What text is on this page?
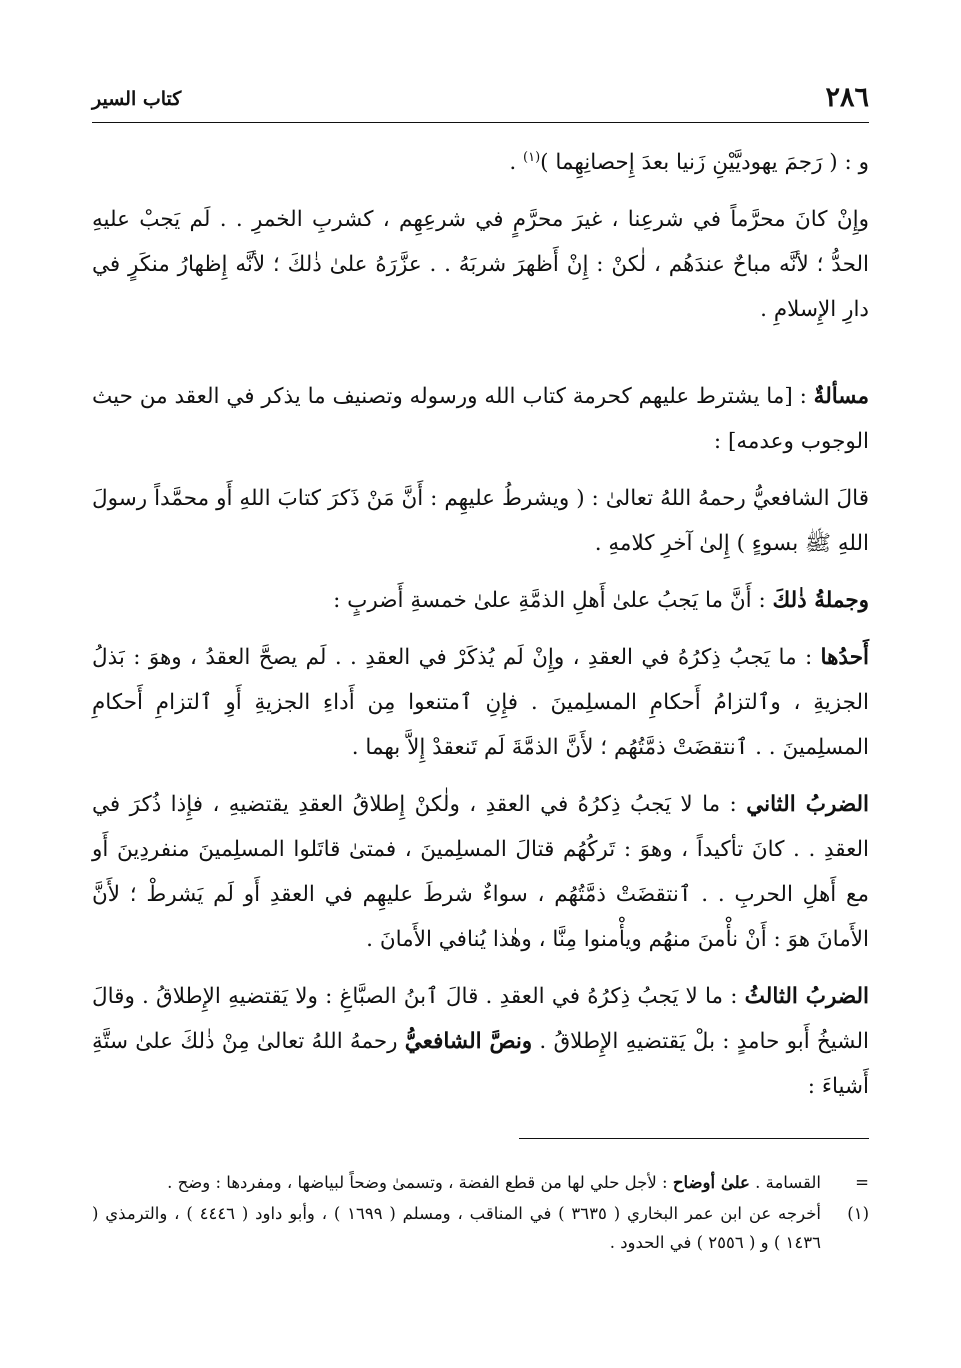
٢٨٦
كتاب السير

و : ( رَجمَ يهوديَّيْنِ زَنيا بعدَ إِحصانِهِما )$^{(١)}$ .

وإِنْ كانَ محرَّماً في شرعِنا ، غيرَ محرَّمٍ في شرعِهِم ، كشربِ الخمرِ . . لَم يَجبْ عليهِ الحدُّ ؛ لأنَّه مباحٌ عندَهُم ، لٰكنْ : إِنْ أَظهرَ شربَهُ . . عزَّرَهُ علىٰ ذٰلكَ ؛ لأنَّه إِظهارُ منكَرٍ في دارِ الإِسلامِ .

مسألةٌ : [ما يشترط عليهم كحرمة كتاب الله ورسوله وتصنيف ما يذكر في العقد من حيث الوجوب وعدمه] :

قالَ الشافعيُّ رحمهُ اللهُ تعالىٰ : ( ويشرطُ عليهِم : أَنَّ مَنْ ذَكرَ كتابَ اللهِ أَو محمَّداً رسولَ اللهِ ﷺ بسوءٍ ) إِلىٰ آخرِ كلامهِ .

وجملةُ ذٰلكَ : أَنَّ ما يَجبُ علىٰ أَهلِ الذمَّةِ علىٰ خمسةِ أَضربٍ :

أَحدُها : ما يَجبُ ذِكرُهُ في العقدِ ، وإِنْ لَم يُذكَرْ في العقدِ . . لَم يصحَّ العقدُ ، وهوَ : بَذلُ الجزيةِ ، وٱلتزامُ أَحكامِ المسلِمينَ . فإِنِ ٱمتنعوا مِن أَداءِ الجزيةِ أَوِ ٱلتزامِ أَحكامِ المسلِمينَ . . ٱنتقضَتْ ذمَّتُهُم ؛ لأَنَّ الذمَّةَ لَم تَنعقدْ إِلاَّ بهما .

الضربُ الثاني : ما لا يَجبُ ذِكرُهُ في العقدِ ، ولٰكنْ إِطلاقُ العقدِ يقتضيهِ ، فإِذا ذُكرَ في العقدِ . . كانَ تأكيداً ، وهوَ : تَركُهُم قتالَ المسلِمينَ ، فمتىٰ قاتَلوا المسلِمينَ منفردِينَ أَو مع أَهلِ الحربِ . . ٱنتقضَتْ ذمَّتُهُم ، سواءٌ شرطَ عليهِم في العقدِ أَو لَم يَشرطْ ؛ لأَنَّ الأَمانَ هوَ : أَنْ نأْمنَ منهُم ويأْمنوا مِنَّا ، وهٰذا يُنافي الأَمانَ .

الضربُ الثالثُ : ما لا يَجبُ ذِكرُهُ في العقدِ . قالَ ٱبنُ الصبَّاغِ : ولا يَقتضيهِ الإِطلاقُ . وقالَ الشيخُ أَبو حامدٍ : بلْ يَقتضيهِ الإِطلاقُ . ونصَّ الشافعيُّ رحمهُ اللهُ تعالىٰ مِنْ ذٰلكَ علىٰ ستَّةِ أَشياءَ :

=
القسامة . علىٰ أوضاح : لأجل حلي لها من قطع الفضة ، وتسمىٰ وضحاً لبياضها ، ومفردها : وضح .

(١)
أخرجه عن ابن عمر البخاري ( ٣٦٣٥ ) في المناقب ، ومسلم ( ١٦٩٩ ) ، وأبو داود ( ٤٤٤٦ ) ، والترمذي ( ١٤٣٦ ) و ( ٢٥٥٦ ) في الحدود .
